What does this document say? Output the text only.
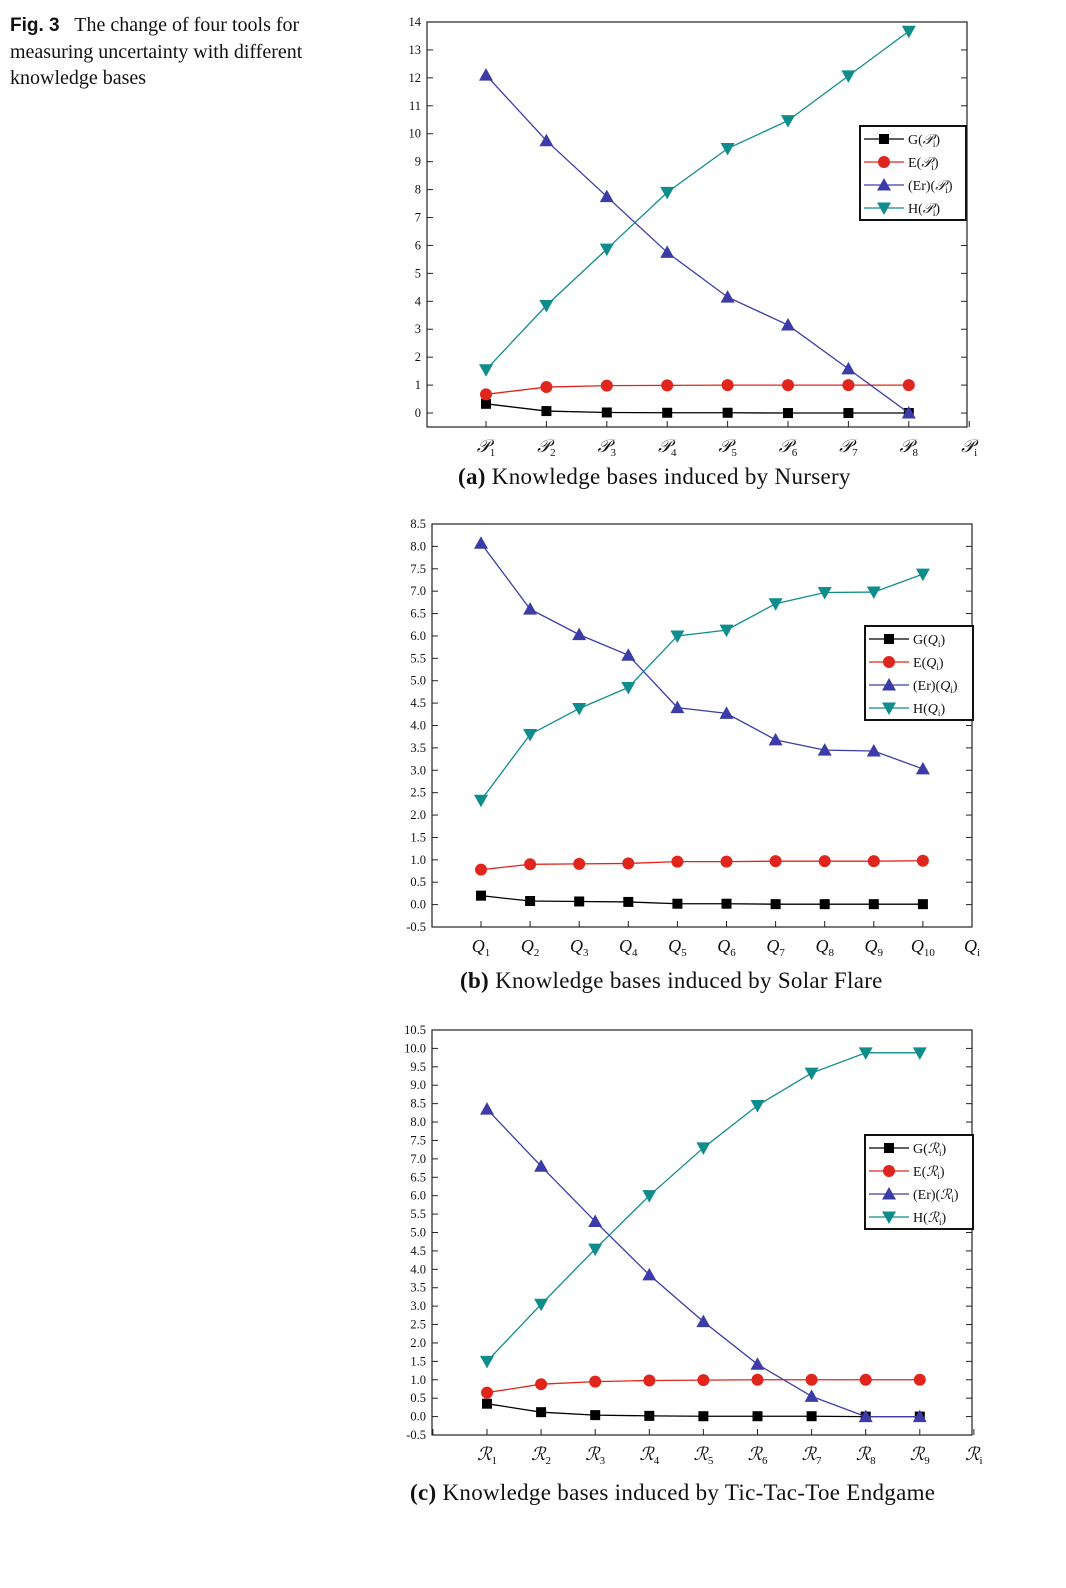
Fig. 3 The change of four tools for measuring uncertainty with different knowledge bases
0
1
2
3
4
5
6
7
8
9
10
11
12
13
14
𝒫$_1$ 𝒫$_2$ 𝒫$_3$ 𝒫$_4$ 𝒫$_5$ 𝒫$_6$ 𝒫$_7$ 𝒫$_8$ 𝒫$_i$
G(𝒫$_i$)
E(𝒫$_i$)
(Er)(𝒫$_i$)
H(𝒫$_i$)
(a) Knowledge bases induced by Nursery
-0.5
0.0
0.5
1.0
1.5
2.0
2.5
3.0
3.5
4.0
4.5
5.0
5.5
6.0
6.5
7.0
7.5
8.0
8.5
$Q_1$ $Q_2$ $Q_3$ $Q_4$ $Q_5$ $Q_6$ $Q_7$ $Q_8$ $Q_9$ $Q_{10}$ $Q_i$
$G(Q_i)$
$E(Q_i)$
$(Er)(Q_i)$
$H(Q_i)$
(b) Knowledge bases induced by Solar Flare
-0.5
0.0
0.5
1.0
1.5
2.0
2.5
3.0
3.5
4.0
4.5
5.0
5.5
6.0
6.5
7.0
7.5
8.0
8.5
9.0
9.5
10.0
10.5
ℛ$_1$ ℛ$_2$ ℛ$_3$ ℛ$_4$ ℛ$_5$ ℛ$_6$ ℛ$_7$ ℛ$_8$ ℛ$_9$ ℛ$_i$
G(ℛ$_i$)
E(ℛ$_i$)
(Er)(ℛ$_i$)
H(ℛ$_i$)
(c) Knowledge bases induced by Tic-Tac-Toe Endgame
